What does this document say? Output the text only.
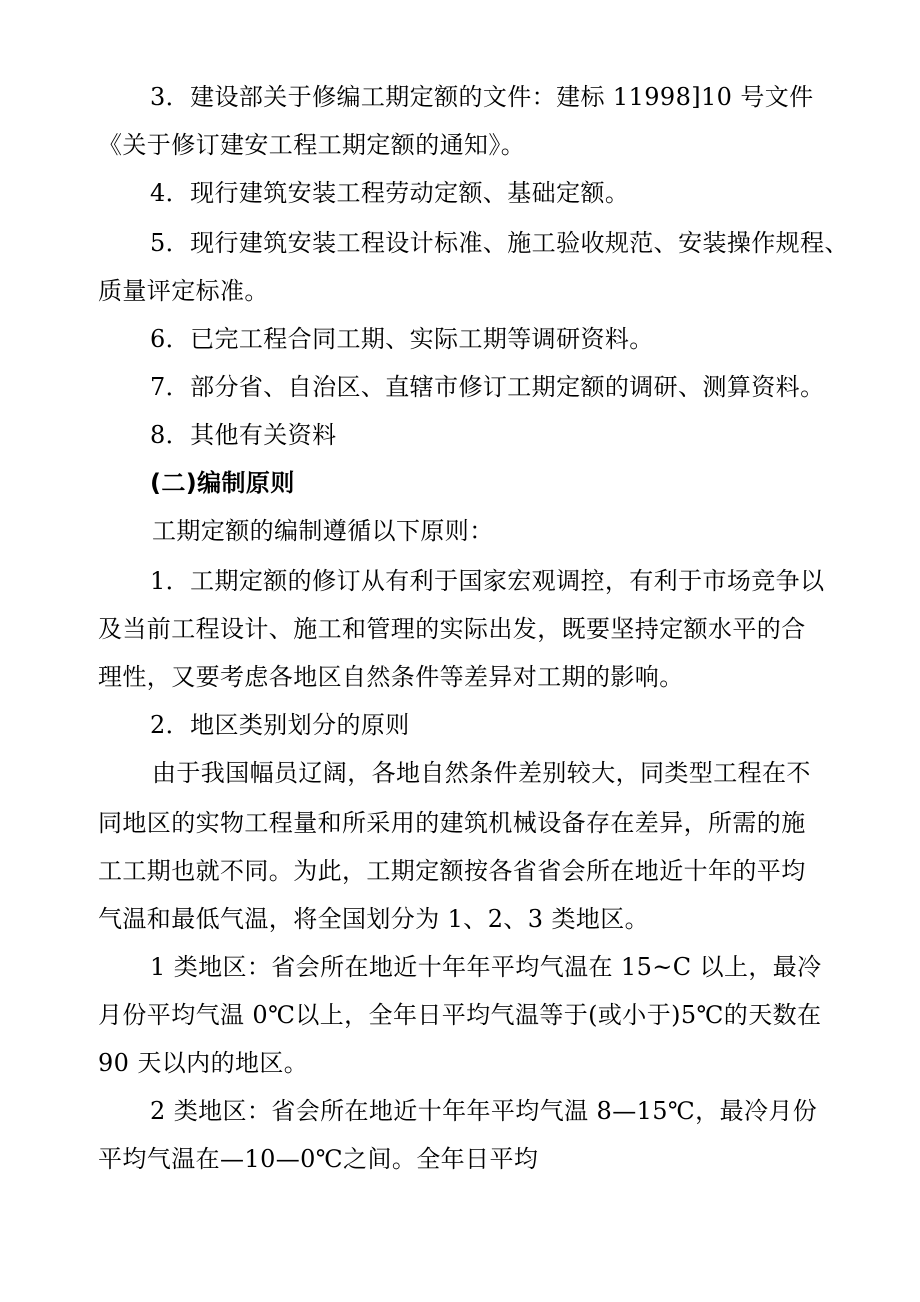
3．建设部关于修编工期定额的文件：建标 11998]10 号文件

《关于修订建安工程工期定额的通知》。

4．现行建筑安装工程劳动定额、基础定额。

5．现行建筑安装工程设计标准、施工验收规范、安装操作规程、

质量评定标准。

6．已完工程合同工期、实际工期等调研资料。

7．部分省、自治区、直辖市修订工期定额的调研、测算资料。

8．其他有关资料

(二)编制原则

工期定额的编制遵循以下原则：

1．工期定额的修订从有利于国家宏观调控，有利于市场竞争以

及当前工程设计、施工和管理的实际出发，既要坚持定额水平的合

理性，又要考虑各地区自然条件等差异对工期的影响。

2．地区类别划分的原则

由于我国幅员辽阔，各地自然条件差别较大，同类型工程在不

同地区的实物工程量和所采用的建筑机械设备存在差异，所需的施

工工期也就不同。为此，工期定额按各省省会所在地近十年的平均

气温和最低气温，将全国划分为 1、2、3 类地区。

1 类地区：省会所在地近十年年平均气温在 15~C 以上，最冷

月份平均气温 0℃以上，全年日平均气温等于(或小于)5℃的天数在

90 天以内的地区。

2 类地区：省会所在地近十年年平均气温 8—15℃，最冷月份

平均气温在—10—0℃之间。全年日平均
